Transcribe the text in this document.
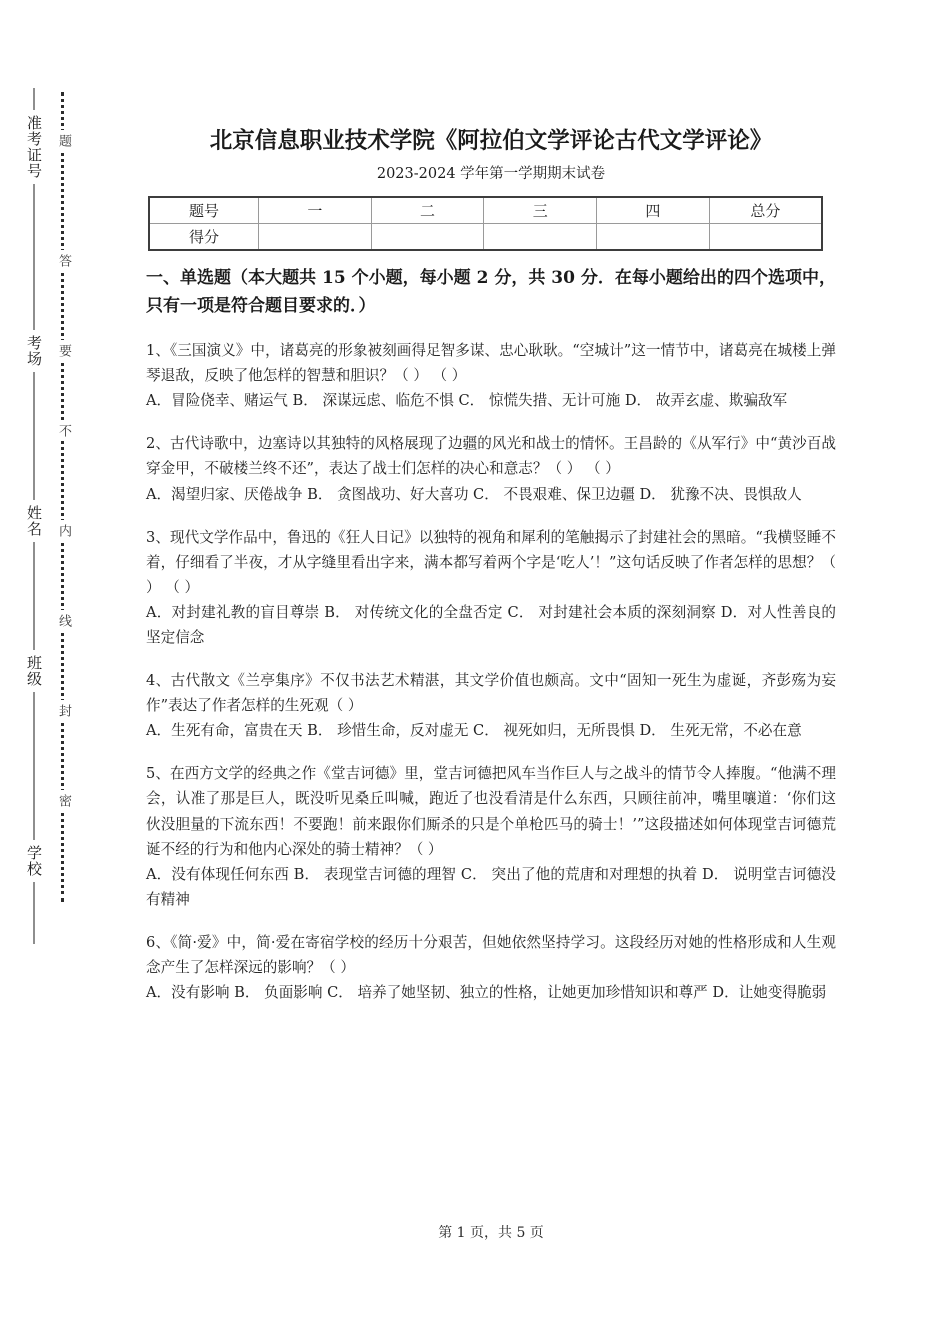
准考证号
考场
姓名
班级
学校
题
答
要
不
内
线
封
密
北京信息职业技术学院《阿拉伯文学评论古代文学评论》
2023-2024 学年第一学期期末试卷
题号	一	二	三	四	总分
得分					
一、单选题（本大题共 15 个小题，每小题 2 分，共 30 分．在每小题给出的四个选项中，只有一项是符合题目要求的．）

1、《三国演义》中，诸葛亮的形象被刻画得足智多谋、忠心耿耿。“空城计”这一情节中，诸葛亮在城楼上弹琴退敌，反映了他怎样的智慧和胆识？（ ） （ ）

A．冒险侥幸、赌运气 B． 深谋远虑、临危不惧 C． 惊慌失措、无计可施 D． 故弄玄虚、欺骗敌军

2、古代诗歌中，边塞诗以其独特的风格展现了边疆的风光和战士的情怀。王昌龄的《从军行》中“黄沙百战穿金甲，不破楼兰终不还”，表达了战士们怎样的决心和意志？（ ） （ ）

A．渴望归家、厌倦战争 B． 贪图战功、好大喜功 C． 不畏艰难、保卫边疆 D． 犹豫不决、畏惧敌人

3、现代文学作品中，鲁迅的《狂人日记》以独特的视角和犀利的笔触揭示了封建社会的黑暗。“我横竖睡不着，仔细看了半夜，才从字缝里看出字来，满本都写着两个字是‘吃人’！”这句话反映了作者怎样的思想？（ ） （ ）

A．对封建礼教的盲目尊崇 B． 对传统文化的全盘否定 C． 对封建社会本质的深刻洞察 D．对人性善良的坚定信念

4、古代散文《兰亭集序》不仅书法艺术精湛，其文学价值也颇高。文中“固知一死生为虚诞，齐彭殇为妄作”表达了作者怎样的生死观（ ）

A．生死有命，富贵在天 B． 珍惜生命，反对虚无 C． 视死如归，无所畏惧 D． 生死无常，不必在意

5、在西方文学的经典之作《堂吉诃德》里，堂吉诃德把风车当作巨人与之战斗的情节令人捧腹。“他满不理会，认准了那是巨人，既没听见桑丘叫喊，跑近了也没看清是什么东西，只顾往前冲，嘴里嚷道：‘你们这伙没胆量的下流东西！不要跑！前来跟你们厮杀的只是个单枪匹马的骑士！’”这段描述如何体现堂吉诃德荒诞不经的行为和他内心深处的骑士精神？（ ）

A．没有体现任何东西 B． 表现堂吉诃德的理智 C． 突出了他的荒唐和对理想的执着 D． 说明堂吉诃德没有精神

6、《简·爱》中，简·爱在寄宿学校的经历十分艰苦，但她依然坚持学习。这段经历对她的性格形成和人生观念产生了怎样深远的影响？（ ）

A．没有影响 B． 负面影响 C． 培养了她坚韧、独立的性格，让她更加珍惜知识和尊严 D．让她变得脆弱

第 1 页，共 5 页
